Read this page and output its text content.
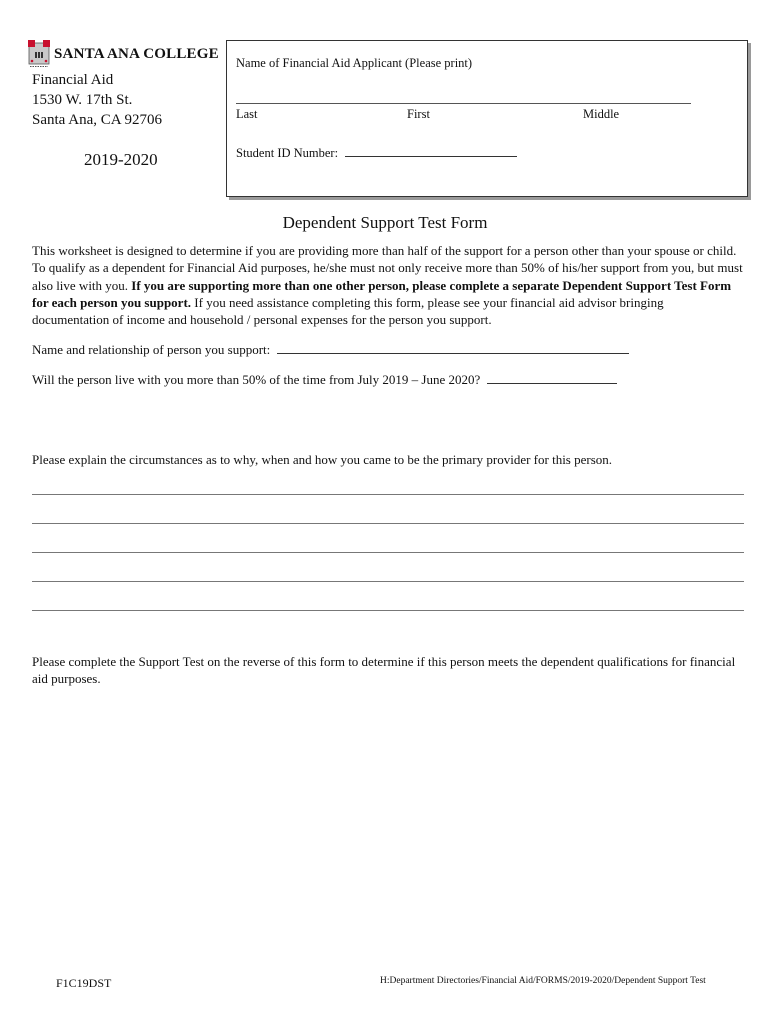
SANTA ANA COLLEGE
Financial Aid
1530 W. 17th St.
Santa Ana, CA 92706
2019-2020
Name of Financial Aid Applicant (Please print)
Last	First	Middle
Student ID Number:
Dependent Support Test Form
This worksheet is designed to determine if you are providing more than half of the support for a person other than your spouse or child. To qualify as a dependent for Financial Aid purposes, he/she must not only receive more than 50% of his/her support from you, but must also live with you. If you are supporting more than one other person, please complete a separate Dependent Support Test Form for each person you support. If you need assistance completing this form, please see your financial aid advisor bringing documentation of income and household / personal expenses for the person you support.
Name and relationship of person you support:
Will the person live with you more than 50% of the time from July 2019 – June 2020?
Please explain the circumstances as to why, when and how you came to be the primary provider for this person.
Please complete the Support Test on the reverse of this form to determine if this person meets the dependent qualifications for financial aid purposes.
F1C19DST	H:Department Directories/Financial Aid/FORMS/2019-2020/Dependent Support Test
